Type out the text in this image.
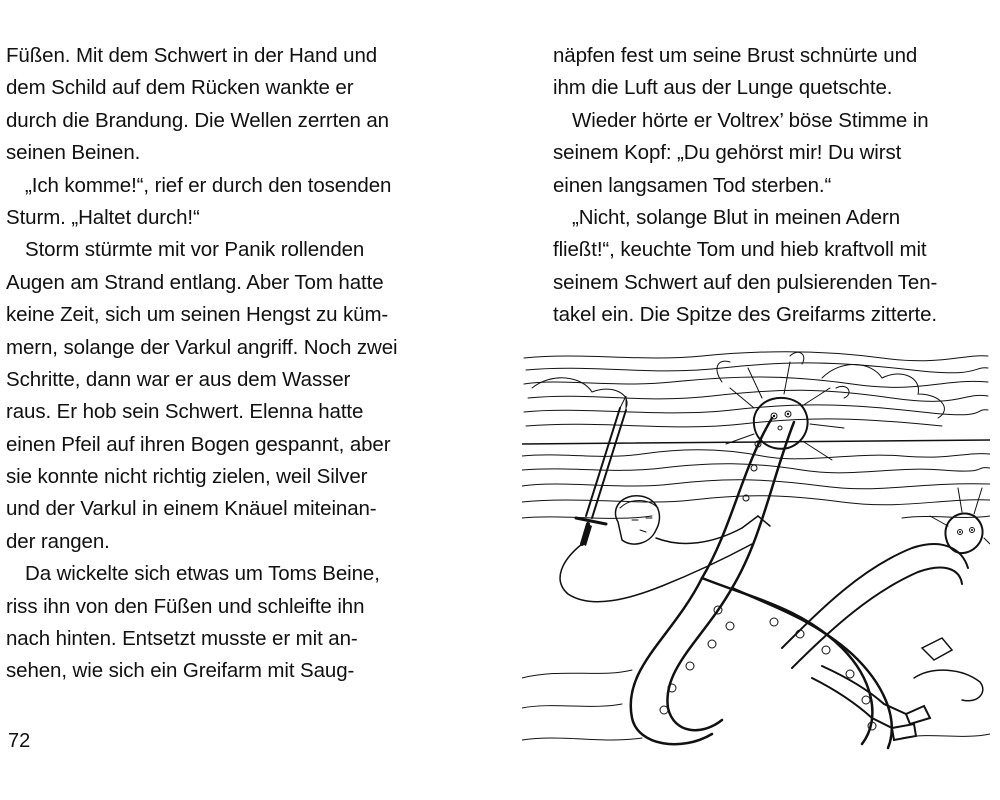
Füßen. Mit dem Schwert in der Hand und
dem Schild auf dem Rücken wankte er
durch die Brandung. Die Wellen zerrten an
seinen Beinen.
„Ich komme!“, rief er durch den tosenden
Sturm. „Haltet durch!“
Storm stürmte mit vor Panik rollenden
Augen am Strand entlang. Aber Tom hatte
keine Zeit, sich um seinen Hengst zu küm-
mern, solange der Varkul angriff. Noch zwei
Schritte, dann war er aus dem Wasser
raus. Er hob sein Schwert. Elenna hatte
einen Pfeil auf ihren Bogen gespannt, aber
sie konnte nicht richtig zielen, weil Silver
und der Varkul in einem Knäuel miteinan-
der rangen.
Da wickelte sich etwas um Toms Beine,
riss ihn von den Füßen und schleifte ihn
nach hinten. Entsetzt musste er mit an-
sehen, wie sich ein Greifarm mit Saug-
näpfen fest um seine Brust schnürte und
ihm die Luft aus der Lunge quetschte.
Wieder hörte er Voltrex’ böse Stimme in
seinem Kopf: „Du gehörst mir! Du wirst
einen langsamen Tod sterben.“
„Nicht, solange Blut in meinen Adern
fließt!“, keuchte Tom und hieb kraftvoll mit
seinem Schwert auf den pulsierenden Ten-
takel ein. Die Spitze des Greifarms zitterte.
72
